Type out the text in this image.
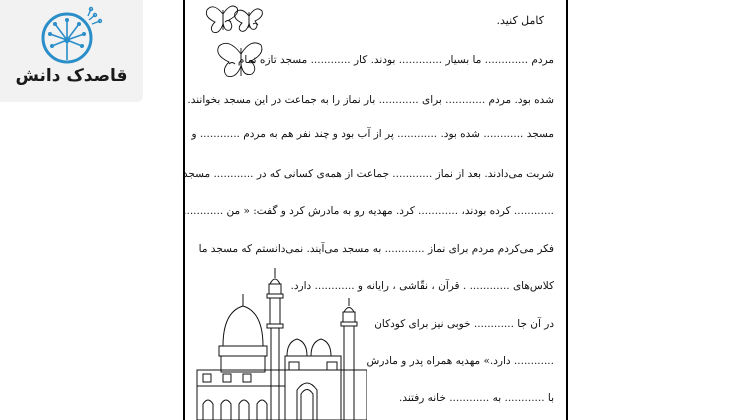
قاصدک دانش
کامل کنید.
مردم ............. ما بسیار ............. بودند. کار ............ مسجد تازه تمام
شده بود. مردم ............ برای ............ بار نماز را به جماعت در این مسجد بخوانند.
مسجد ............ شده بود. ............ پر از آب بود و چند نفر هم به مردم ............ و
شربت می‌دادند. بعد از نماز ............ جماعت از همه‌ی کسانی که در ............ مسجد
............ کرده بودند، ............ کرد. مهدیه رو به مادرش کرد و گفت: « من ............
فکر می‌کردم مردم برای نماز ............ به مسجد می‌آیند. نمی‌دانستم که مسجد ما
کلاس‌های ............ . قرآن ، نقّاشی ، رایانه و ............ دارد.
در آن جا ............ خوبی نیز برای کودکان
............ دارد.» مهدیه همراه پدر و مادرش
با ............ به ............ خانه رفتند.
